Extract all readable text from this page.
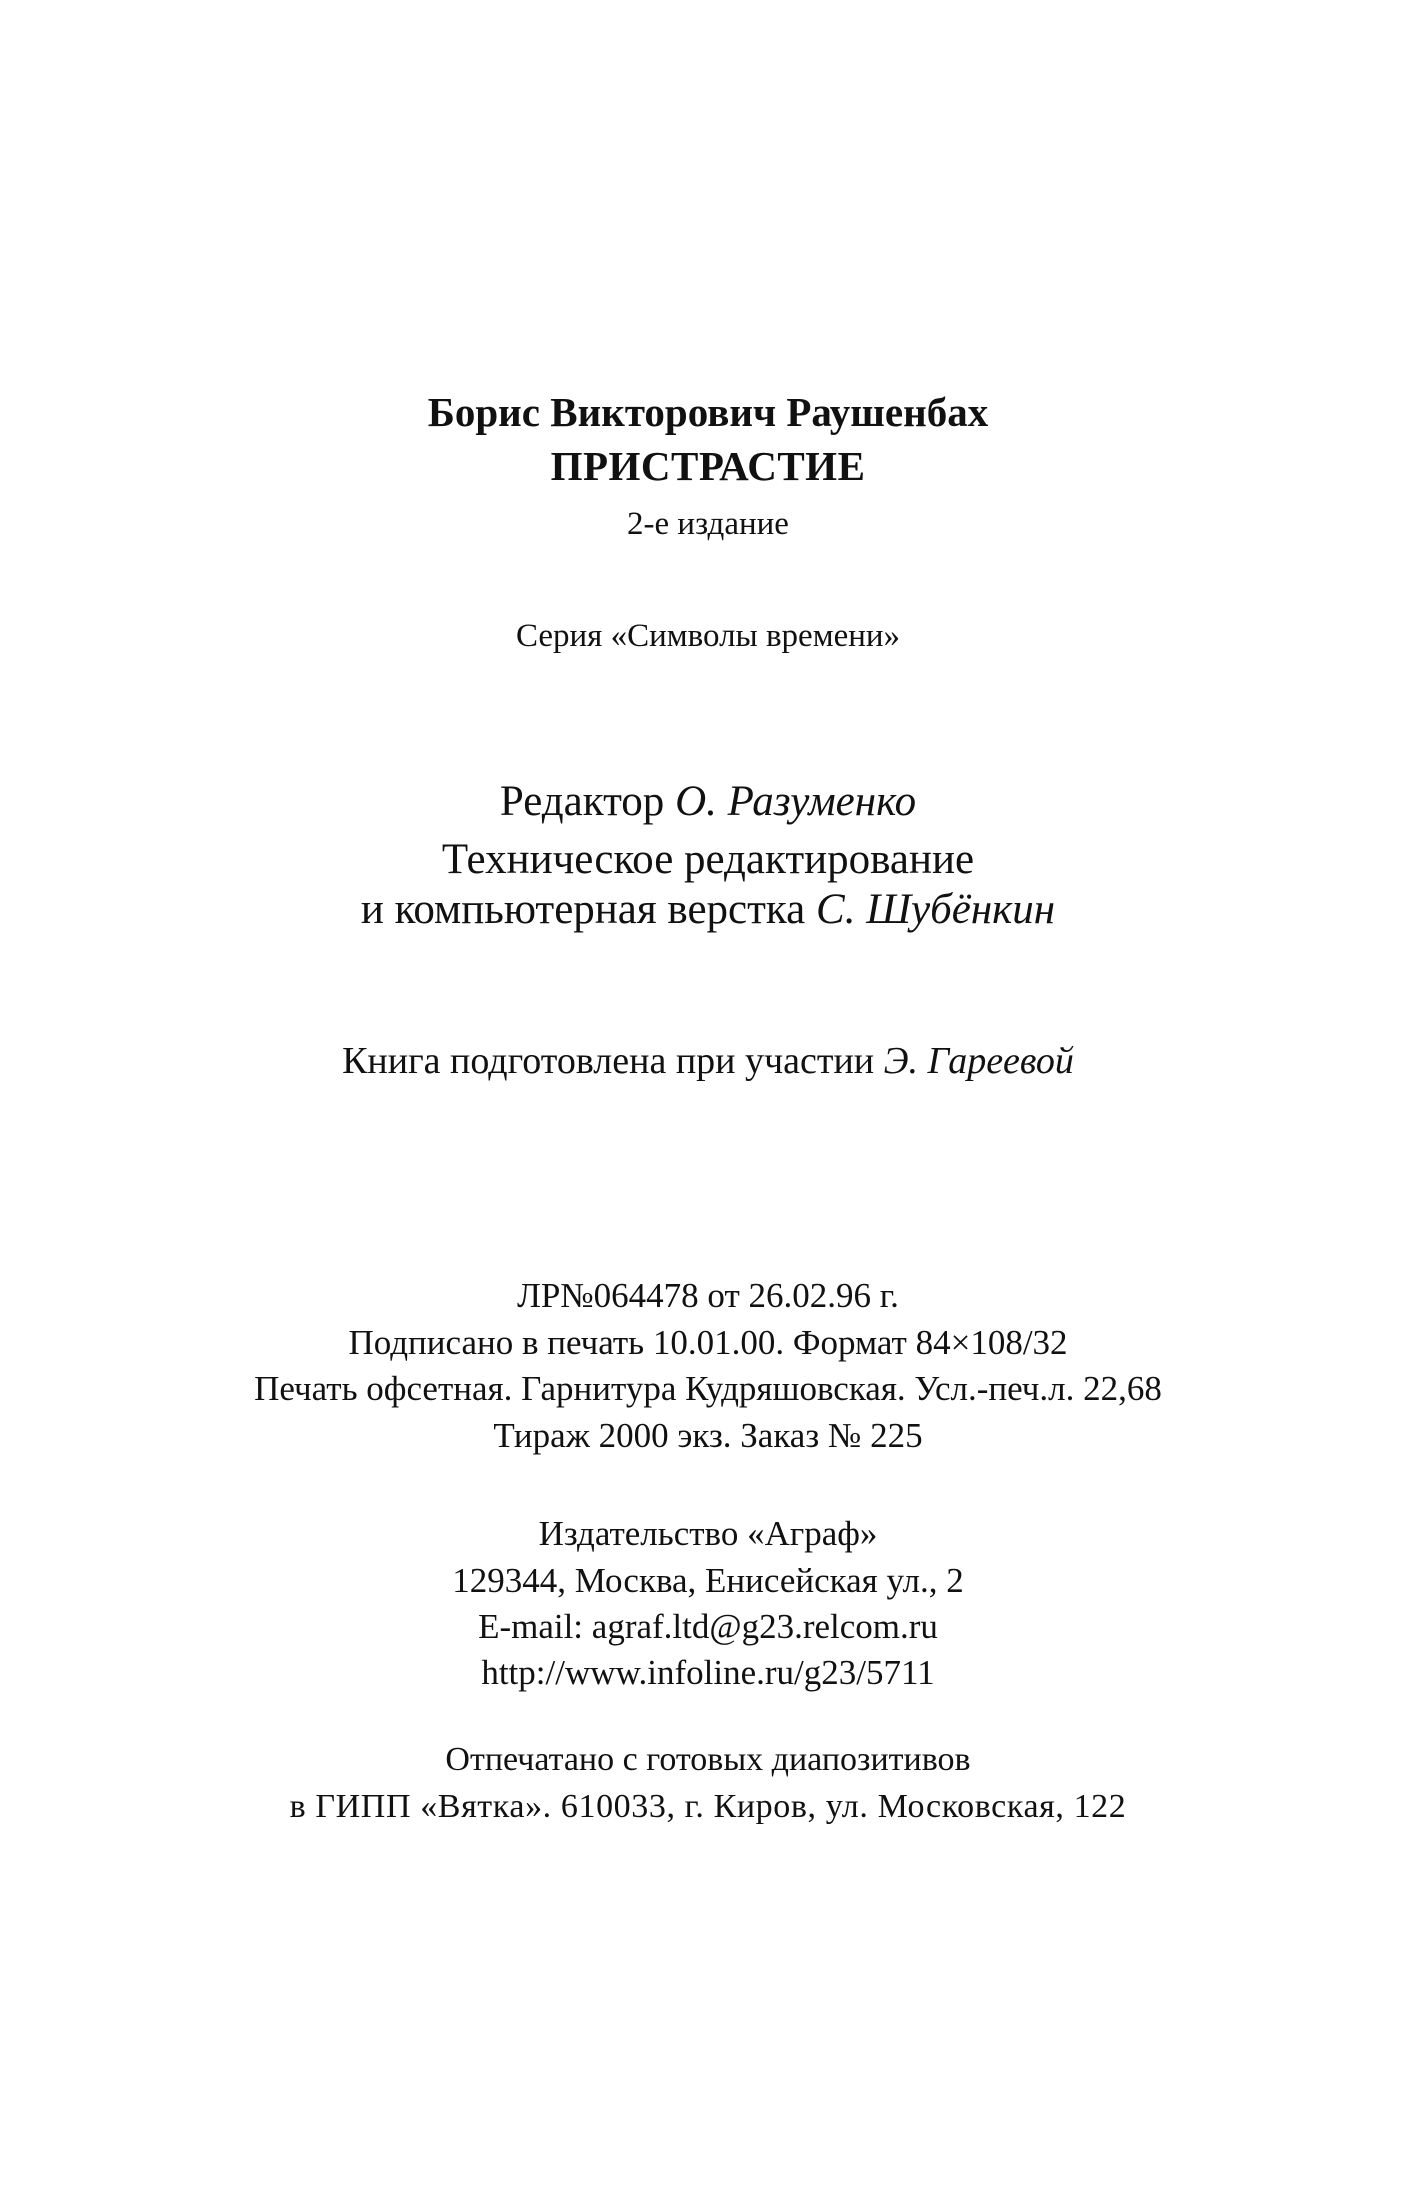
Борис Викторович Раушенбах
ПРИСТРАСТИЕ
2-е издание
Серия «Символы времени»
Редактор О. Разуменко
Техническое редактирование
и компьютерная верстка С. Шубёнкин
Книга подготовлена при участии Э. Гареевой
ЛР№064478 от 26.02.96 г.
Подписано в печать 10.01.00. Формат 84×108/32
Печать офсетная. Гарнитура Кудряшовская. Усл.-печ.л. 22,68
Тираж 2000 экз. Заказ № 225
Издательство «Аграф»
129344, Москва, Енисейская ул., 2
E-mail: agraf.ltd@g23.relcom.ru
http://www.infoline.ru/g23/5711
Отпечатано с готовых диапозитивов
в ГИПП «Вятка». 610033, г. Киров, ул. Московская, 122
